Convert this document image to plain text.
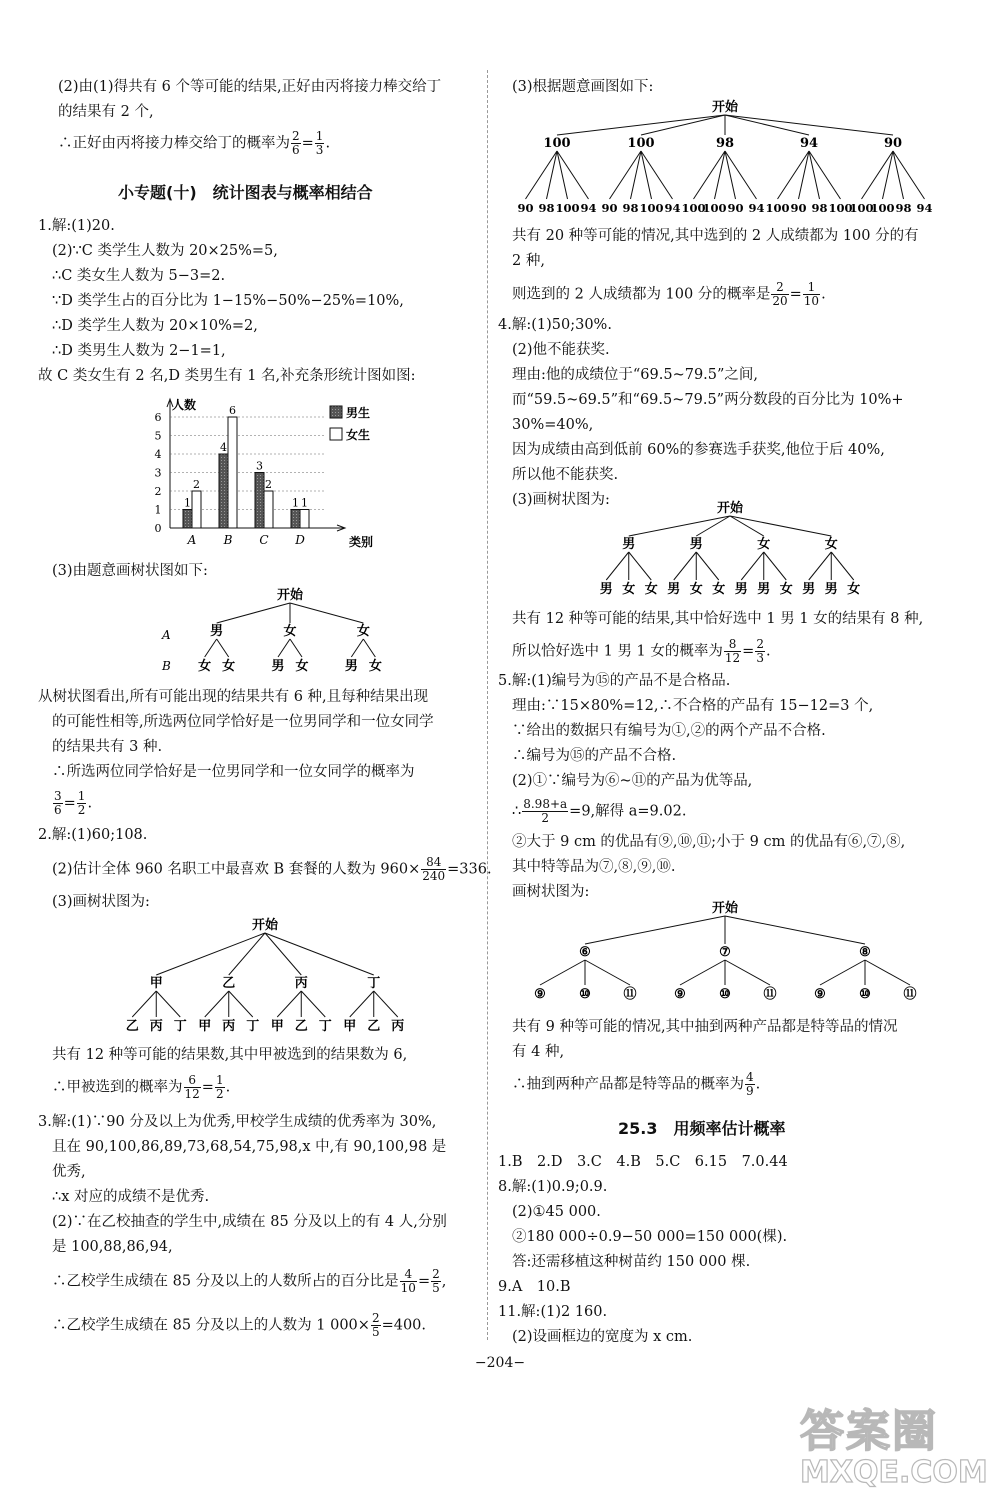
(2)由(1)得共有 6 个等可能的结果,正好由丙将接力棒交给丁
的结果有 2 个,
∴正好由丙将接力棒交给丁的概率为 $\frac{2}{6} = \frac{1}{3}$ .
小专题(十)　统计图表与概率相结合
1.解:(1)20.
(2)∵C 类学生人数为 20×25%=5,
∴C 类女生人数为 5−3=2.
∵D 类学生占的百分比为 1−15%−50%−25%=10%,
∴D 类学生人数为 20×10%=2,
∴D 类男生人数为 2−1=1,
故 C 类女生有 2 名,D 类男生有 1 名,补充条形统计图如图:
0
1
2
3
4
5
6
人数
类别
A
1
2
B
4
6
C
3
2
D
1 1
男生
女生
(3)由题意画树状图如下:
开始
A
B
男
女 女
女
男 女
女
男 女
从树状图看出,所有可能出现的结果共有 6 种,且每种结果出现
的可能性相等,所选两位同学恰好是一位男同学和一位女同学
的结果共有 3 种.
∴所选两位同学恰好是一位男同学和一位女同学的概率为
$\frac{3}{6} = \frac{1}{2}$ .
2.解:(1)60;108.
(2)估计全体 960 名职工中最喜欢 B 套餐的人数为 $960\times \frac{84}{240} =336$.
(3)画树状图为:
开始
甲
乙 丙 丁
乙
甲 丙 丁
丙
甲 乙 丁
丁
甲 乙 丙
共有 12 种等可能的结果数,其中甲被选到的结果数为 6,
∴甲被选到的概率为 $\frac{6}{12} = \frac{1}{2}$ .
3.解:(1)∵90 分及以上为优秀,甲校学生成绩的优秀率为 30%,
且在 90,100,86,89,73,68,54,75,98,x 中,有 90,100,98 是
优秀,
∴x 对应的成绩不是优秀.
(2)∵在乙校抽查的学生中,成绩在 85 分及以上的有 4 人,分别
是 100,88,86,94,
∴乙校学生成绩在 85 分及以上的人数所占的百分比是 $\frac{4}{10} = \frac{2}{5}$ ,
∴乙校学生成绩在 85 分及以上的人数为 1 $000\times \frac{2}{5} =400$.
(3)根据题意画图如下:
开始
100
90 98 100 94
100
90 98 100 94
98
100
100 90 94
94
100 90 98 100
90
100
100 98 94
共有 20 种等可能的情况,其中选到的 2 人成绩都为 100 分的有
2 种,
则选到的 2 人成绩都为 100 分的概率是 $\frac{2}{20} = \frac{1}{10}$ .
4.解:(1)50;30%.
(2)他不能获奖.
理由:他的成绩位于“69.5~79.5”之间,
而“59.5~69.5”和“69.5~79.5”两分数段的百分比为 10%+
30%=40%,
因为成绩由高到低前 60%的参赛选手获奖,他位于后 40%,
所以他不能获奖.
(3)画树状图为:
开始
男
男 女 女
男
男 女 女
女
男 男 女
女
男 男 女
共有 12 种等可能的结果,其中恰好选中 1 男 1 女的结果有 8 种,
所以恰好选中 1 男 1 女的概率为 $\frac{8}{12} = \frac{2}{3}$ .
5.解:(1)编号为⑮的产品不是合格品.
理由:∵15×80%=12,∴不合格的产品有 15−12=3 个,
∵给出的数据只有编号为①,②的两个产品不合格.
∴编号为⑮的产品不合格.
(2)①∵编号为⑥~⑪的产品为优等品,
∴ $\frac{8.98+a}{2} =9$,解得 a=9.02.
②大于 9 cm 的优品有⑨,⑩,⑪;小于 9 cm 的优品有⑥,⑦,⑧,
其中特等品为⑦,⑧,⑨,⑩.
画树状图为:
开始
⑥
⑨	⑩	⑪
⑦
⑨	⑩	⑪
⑧
⑨	⑩	⑪
共有 9 种等可能的情况,其中抽到两种产品都是特等品的情况
有 4 种,
∴抽到两种产品都是特等品的概率为 $\frac{4}{9}$ .
25.3　用频率估计概率
1.B　2.D　3.C　4.B　5.C　6.15　7.0.44
8.解:(1)0.9;0.9.
(2)①45 000.
②180 000÷0.9−50 000=150 000(棵).
答:还需移植这种树苗约 150 000 棵.
9.A　10.B
11.解:(1)2 160.
(2)设画框边的宽度为 x cm.
−204−
答案圈
MXQE.COM
